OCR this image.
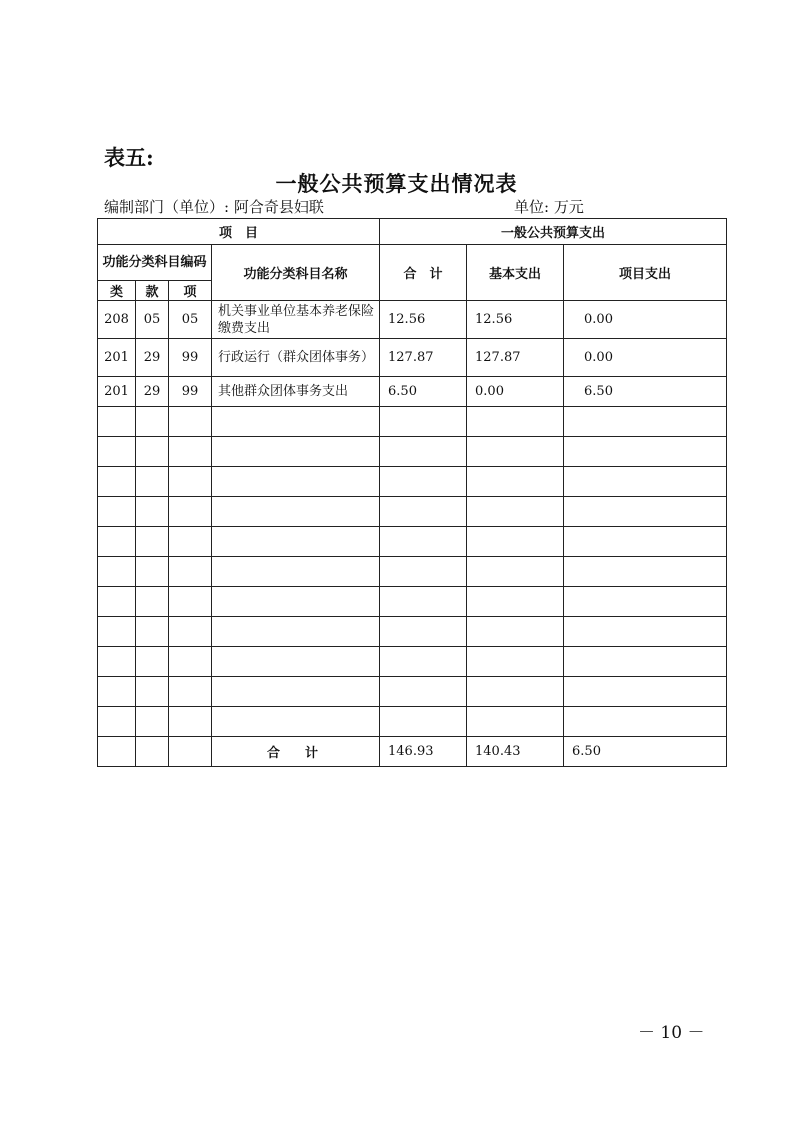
表五:
一般公共预算支出情况表
编制部门（单位）: 阿合奇县妇联	单位: 万元
项　目				一般公共预算支出		
功能分类科目编码			功能分类科目名称	合　计	基本支出	项目支出
类	款	项				
208	05	05	机关事业单位基本养老保险缴费支出	12.56	12.56	0.00
201	29	99	行政运行（群众团体事务）	127.87	127.87	0.00
201	29	99	其他群众团体事务支出	6.50	0.00	6.50

			合　计	146.93	140.43	6.50
－ 10 －
